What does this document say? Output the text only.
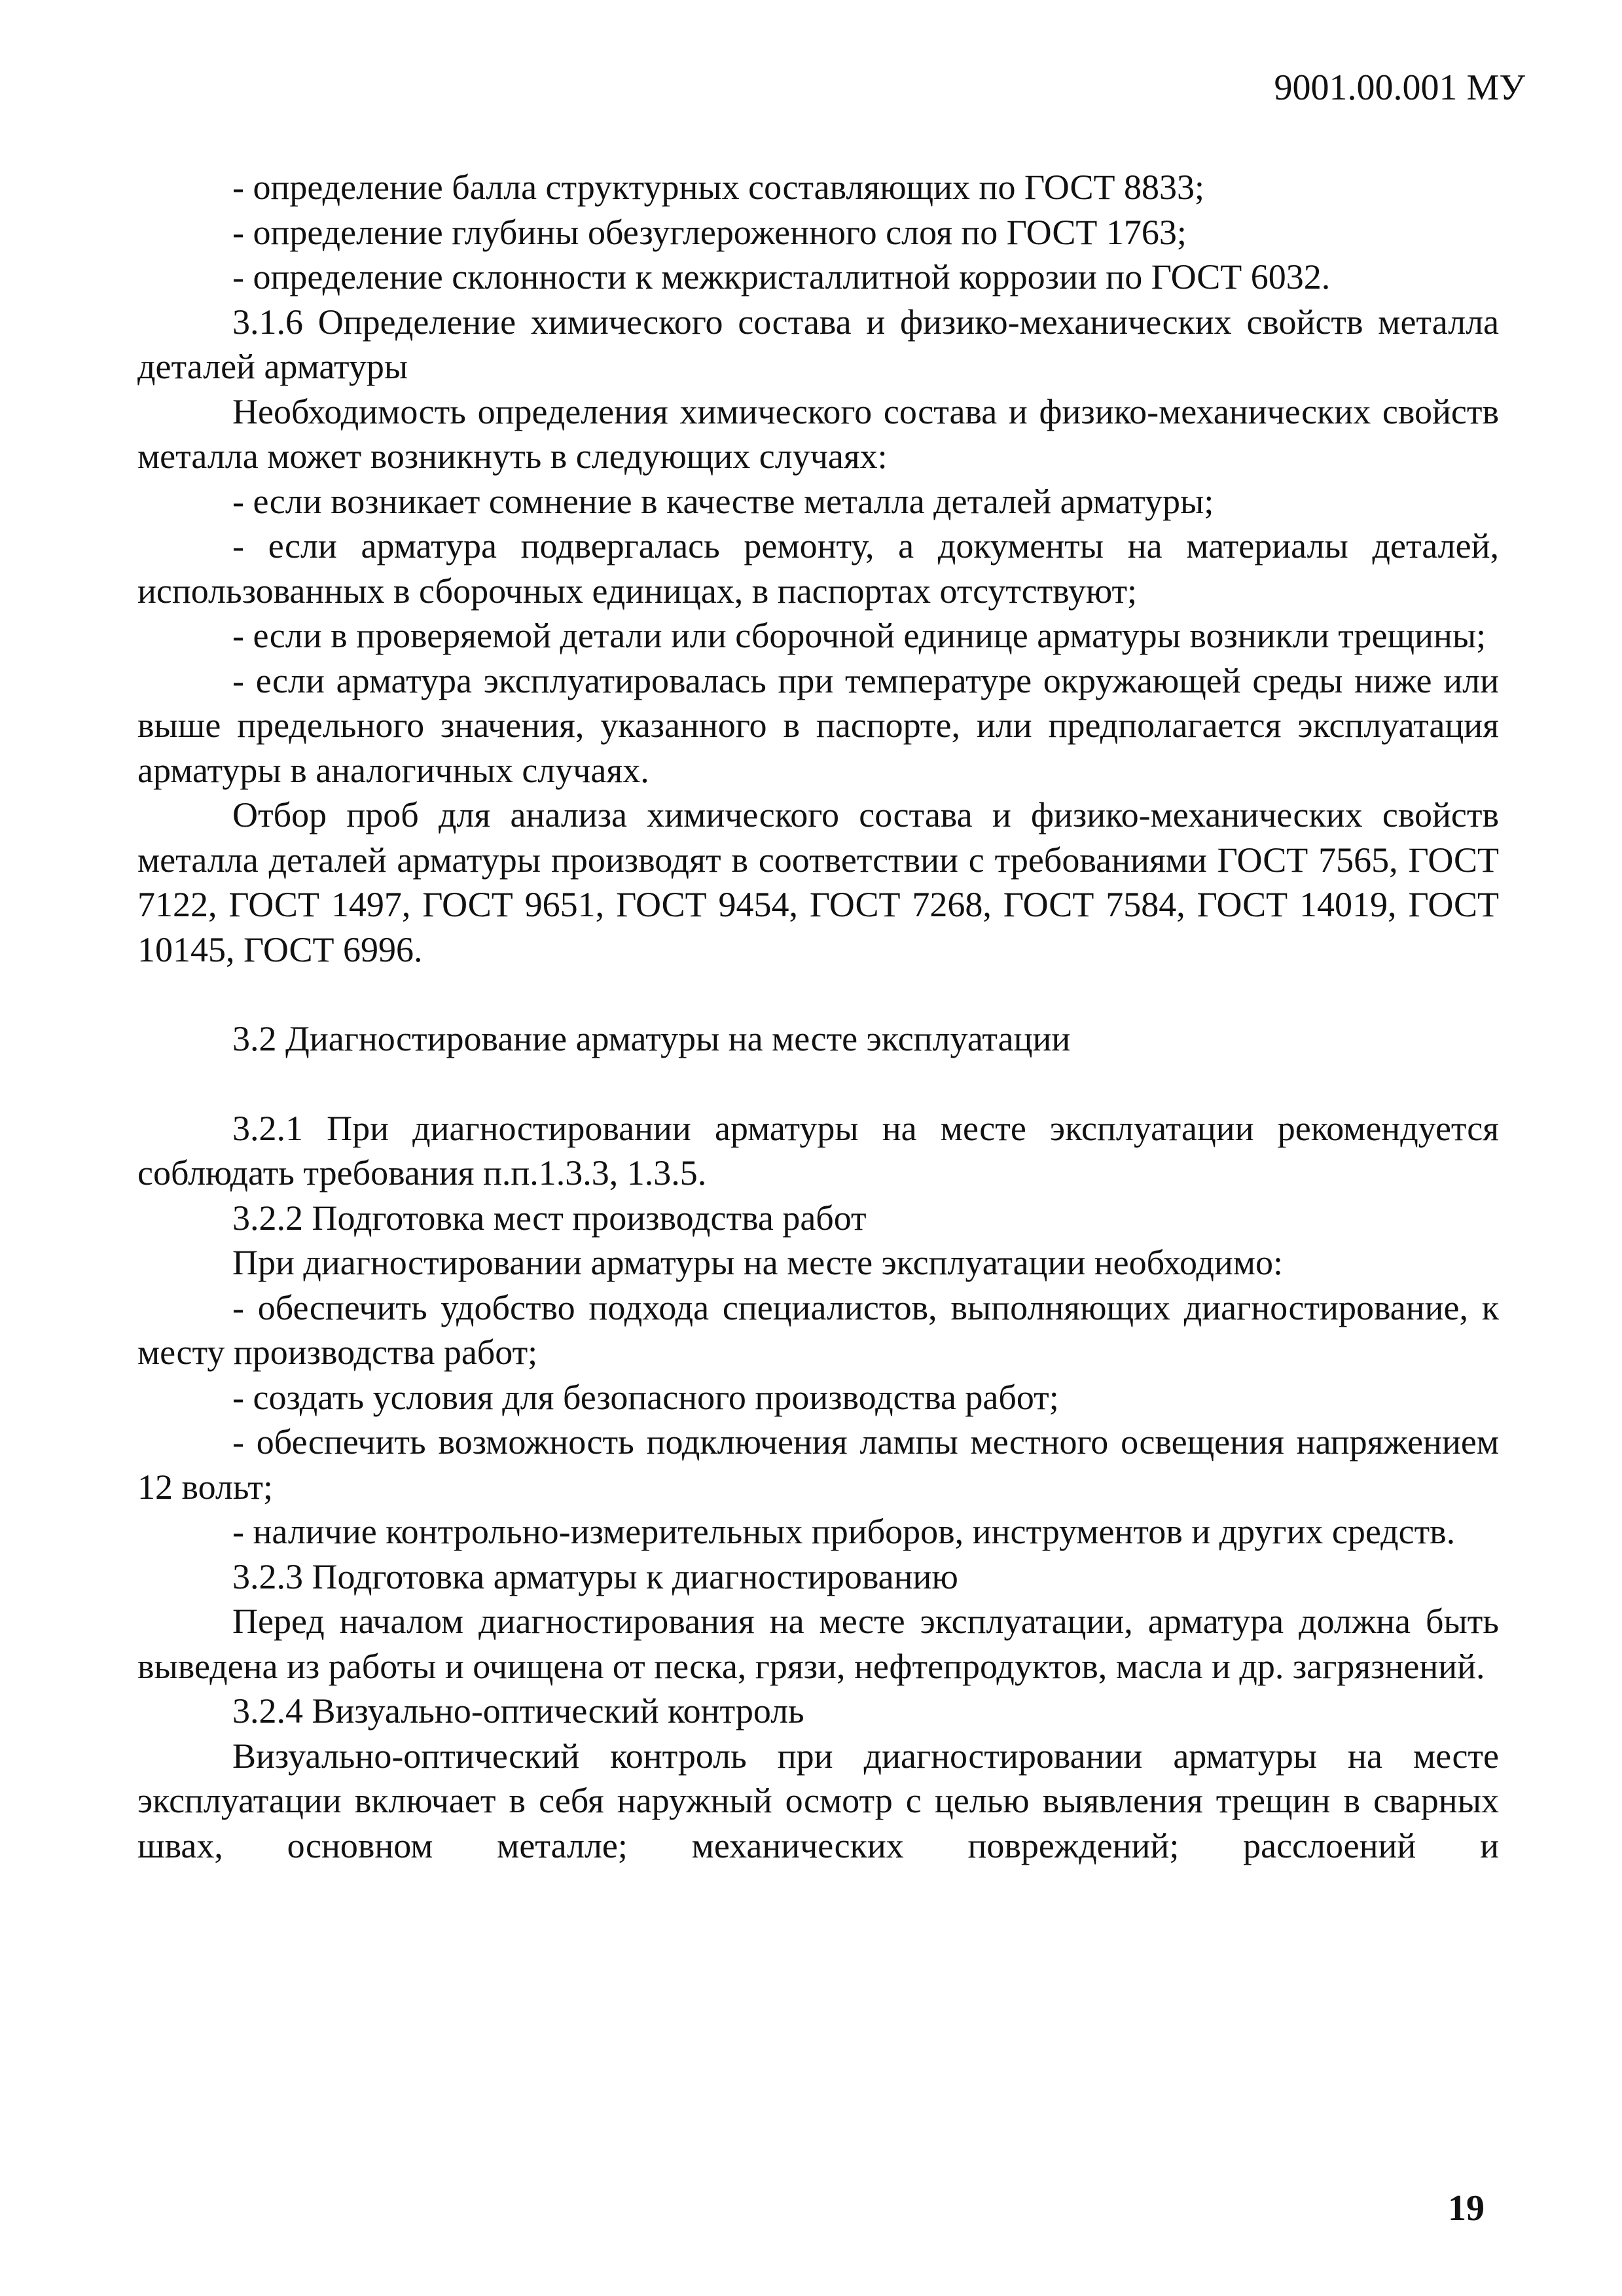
9001.00.001 МУ

- определение балла структурных составляющих по ГОСТ 8833;

- определение глубины обезуглероженного слоя по ГОСТ 1763;

- определение склонности к межкристаллитной коррозии по ГОСТ 6032.

3.1.6 Определение химического состава и физико-механических свойств металла деталей арматуры

Необходимость определения химического состава и физико-механических свойств металла может возникнуть в следующих случаях:

- если возникает сомнение в качестве металла деталей арматуры;

- если арматура подвергалась ремонту, а документы на материалы деталей, использованных в сборочных единицах, в паспортах отсутствуют;

- если в проверяемой детали или сборочной единице арматуры возникли трещины;

- если арматура эксплуатировалась при температуре окружающей среды ниже или выше предельного значения, указанного в паспорте, или предполагается эксплуатация арматуры в аналогичных случаях.

Отбор проб для анализа химического состава и физико-механических свойств металла деталей арматуры производят в соответствии с требованиями ГОСТ 7565, ГОСТ 7122, ГОСТ 1497, ГОСТ 9651, ГОСТ 9454, ГОСТ 7268, ГОСТ 7584, ГОСТ 14019, ГОСТ 10145, ГОСТ 6996.

3.2 Диагностирование арматуры на месте эксплуатации

3.2.1 При диагностировании арматуры на месте эксплуатации рекомендуется соблюдать требования п.п.1.3.3, 1.3.5.

3.2.2 Подготовка мест производства работ

При диагностировании арматуры на месте эксплуатации необходимо:

- обеспечить удобство подхода специалистов, выполняющих диагностирование, к месту производства работ;

- создать условия для безопасного производства работ;

- обеспечить возможность подключения лампы местного освещения напряжением 12 вольт;

- наличие контрольно-измерительных приборов, инструментов и других средств.

3.2.3 Подготовка арматуры к диагностированию

Перед началом диагностирования на месте эксплуатации, арматура должна быть выведена из работы и очищена от песка, грязи, нефтепродуктов, масла и др. загрязнений.

3.2.4 Визуально-оптический контроль

Визуально-оптический контроль при диагностировании арматуры на месте эксплуатации включает в себя наружный осмотр с целью выявления трещин в сварных швах, основном металле; механических повреждений; расслоений и

19
